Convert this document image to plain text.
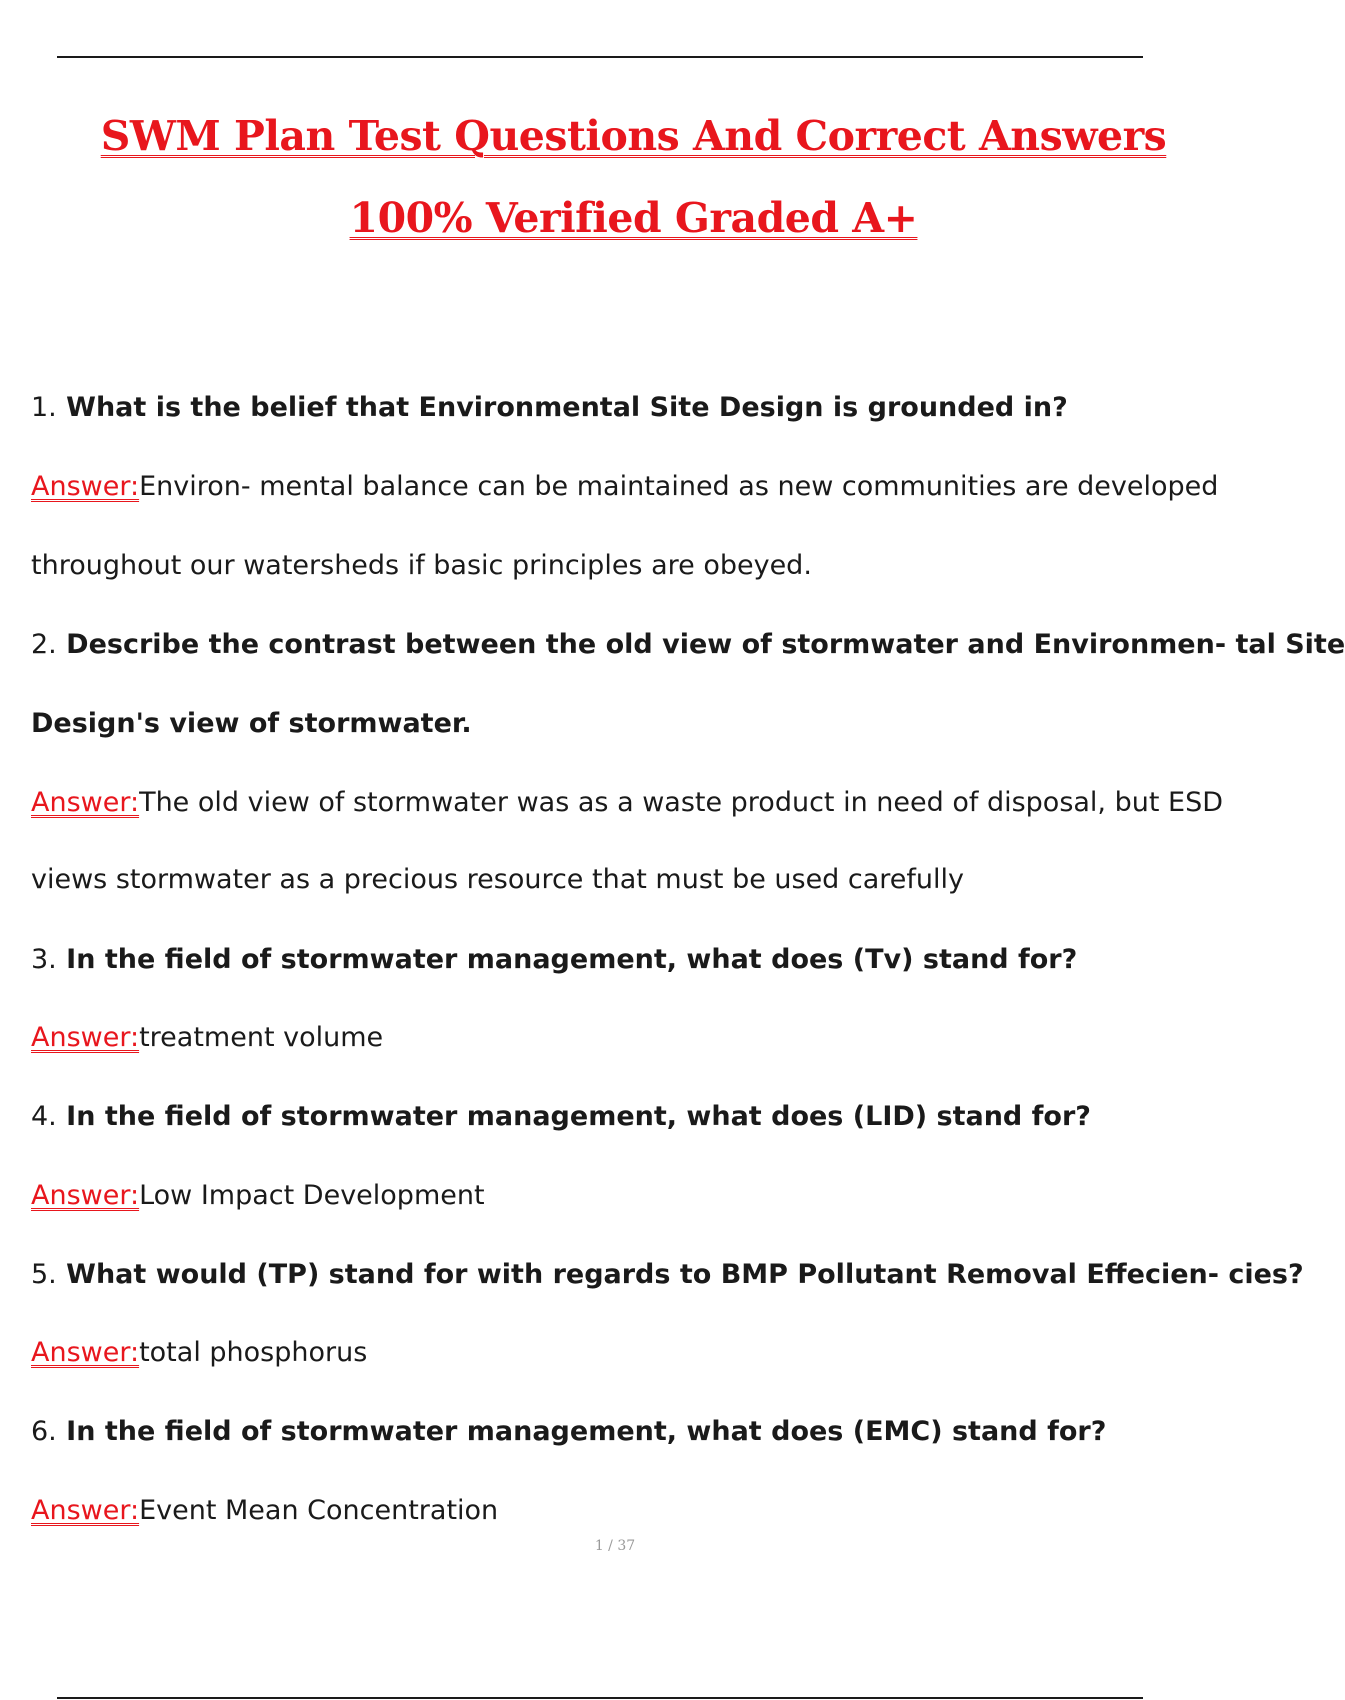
SWM Plan Test Questions And Correct Answers
100% Verified Graded A+
1. What is the belief that Environmental Site Design is grounded in?
Answer:Environ- mental balance can be maintained as new communities are developed
throughout our watersheds if basic principles are obeyed.
2. Describe the contrast between the old view of stormwater and Environmen- tal Site
Design's view of stormwater.
Answer:The old view of stormwater was as a waste product in need of disposal, but ESD
views stormwater as a precious resource that must be used carefully
3. In the field of stormwater management, what does (Tv) stand for?
Answer:treatment volume
4. In the field of stormwater management, what does (LID) stand for?
Answer:Low Impact Development
5. What would (TP) stand for with regards to BMP Pollutant Removal Effecien- cies?
Answer:total phosphorus
6. In the field of stormwater management, what does (EMC) stand for?
Answer:Event Mean Concentration
1 / 37
